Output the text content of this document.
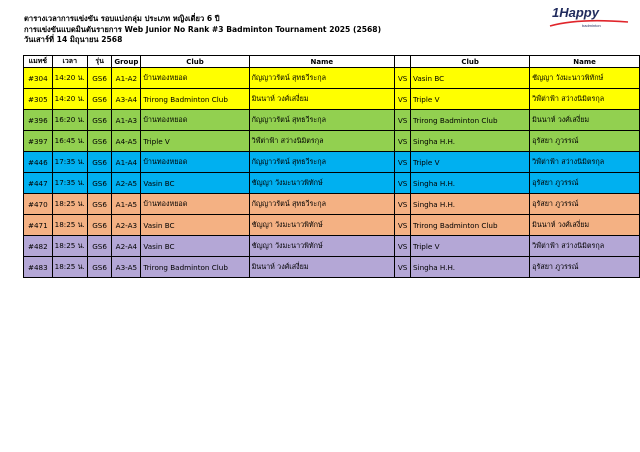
ตารางเวลาการแข่งขัน รอบแบ่งกลุ่ม ประเภท หญิงเดี่ยว 6 ปี
การแข่งขันแบดมินตันรายการ Web Junior No Rank #3 Badminton Tournament 2025 (2568)
วันเสาร์ที่ 14 มิถุนายน 2568
1Happy
badminton
แมทช์	เวลา	รุ่น	Group	Club	Name		Club	Name
#304	14:20 น.	GS6	A1-A2	บ้านทองหยอด	กัญญาวรัตน์ สุทธวีระกุล	VS	Vasin BC	ชัญญา วังมะนาวพิทักษ์
#305	14:20 น.	GS6	A3-A4	Trirong Badminton Club	มินนาห์ วงศ์เสงี่ยม	VS	Triple V	วิฬ์ต่าฟ้า สว่างนิมิตรกุล
#396	16:20 น.	GS6	A1-A3	บ้านทองหยอด	กัญญาวรัตน์ สุทธวีระกุล	VS	Trirong Badminton Club	มินนาห์ วงศ์เสงี่ยม
#397	16:45 น.	GS6	A4-A5	Triple V	วิฬ์ต่าฟ้า สว่างนิมิตรกุล	VS	Singha H.H.	อุรัสยา ภูวรรณ์
#446	17:35 น.	GS6	A1-A4	บ้านทองหยอด	กัญญาวรัตน์ สุทธวีระกุล	VS	Triple V	วิฬ์ต่าฟ้า สว่างนิมิตรกุล
#447	17:35 น.	GS6	A2-A5	Vasin BC	ชัญญา วังมะนาวพิทักษ์	VS	Singha H.H.	อุรัสยา ภูวรรณ์
#470	18:25 น.	GS6	A1-A5	บ้านทองหยอด	กัญญาวรัตน์ สุทธวีระกุล	VS	Singha H.H.	อุรัสยา ภูวรรณ์
#471	18:25 น.	GS6	A2-A3	Vasin BC	ชัญญา วังมะนาวพิทักษ์	VS	Trirong Badminton Club	มินนาห์ วงศ์เสงี่ยม
#482	18:25 น.	GS6	A2-A4	Vasin BC	ชัญญา วังมะนาวพิทักษ์	VS	Triple V	วิฬ์ต่าฟ้า สว่างนิมิตรกุล
#483	18:25 น.	GS6	A3-A5	Trirong Badminton Club	มินนาห์ วงศ์เสงี่ยม	VS	Singha H.H.	อุรัสยา ภูวรรณ์
